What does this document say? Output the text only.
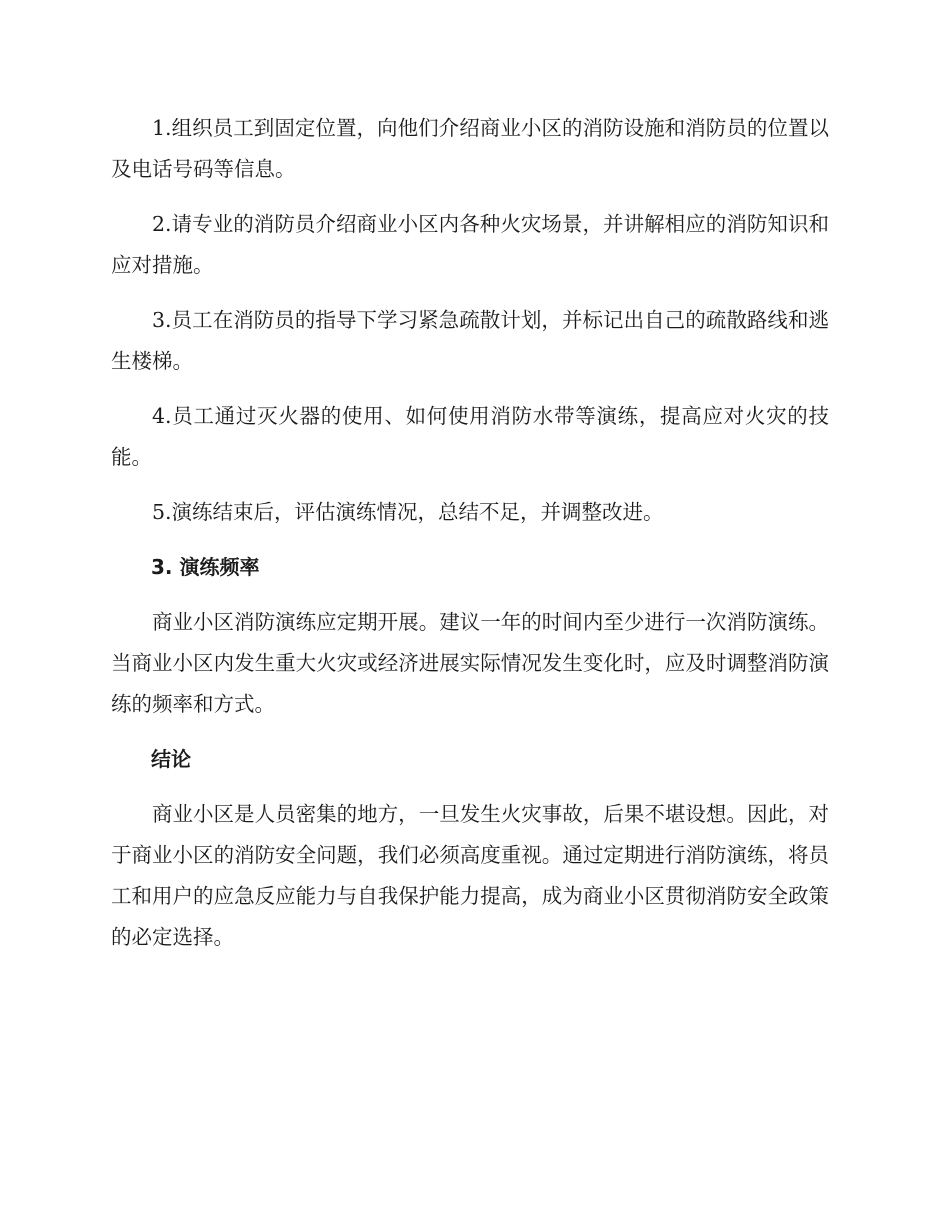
1.组织员工到固定位置，向他们介绍商业小区的消防设施和消防员的位置以及电话号码等信息。

2.请专业的消防员介绍商业小区内各种火灾场景，并讲解相应的消防知识和应对措施。

3.员工在消防员的指导下学习紧急疏散计划，并标记出自己的疏散路线和逃生楼梯。

4.员工通过灭火器的使用、如何使用消防水带等演练，提高应对火灾的技能。

5.演练结束后，评估演练情况，总结不足，并调整改进。

3. 演练频率

商业小区消防演练应定期开展。建议一年的时间内至少进行一次消防演练。当商业小区内发生重大火灾或经济进展实际情况发生变化时，应及时调整消防演练的频率和方式。

结论

商业小区是人员密集的地方，一旦发生火灾事故，后果不堪设想。因此，对于商业小区的消防安全问题，我们必须高度重视。通过定期进行消防演练，将员工和用户的应急反应能力与自我保护能力提高，成为商业小区贯彻消防安全政策的必定选择。
